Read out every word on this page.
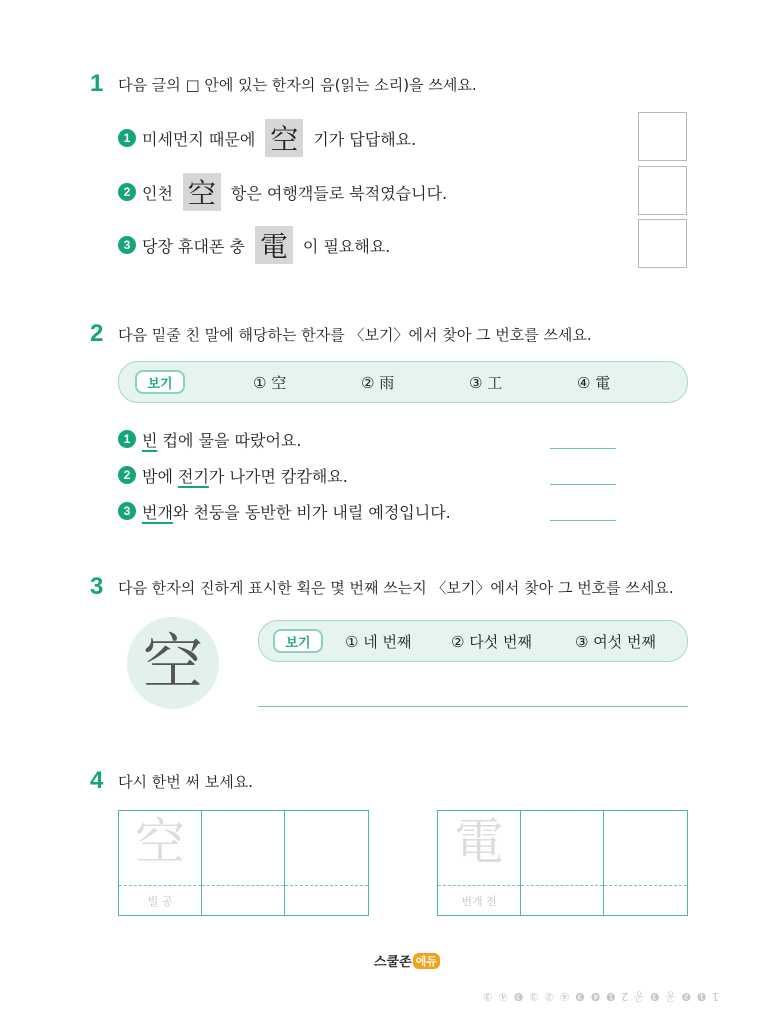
1 다음 글의 □ 안에 있는 한자의 음(읽는 소리)을 쓰세요.
1 미세먼지 때문에 空 기가 답답해요.
2 인천 空 항은 여행객들로 북적였습니다.
3 당장 휴대폰 충 電 이 필요해요.
2 다음 밑줄 친 말에 해당하는 한자를 〈보기〉에서 찾아 그 번호를 쓰세요.
보기	① 空	② 雨	③ 工	④ 電
1 빈 컵에 물을 따랐어요.
2 밤에 전기 가 나가면 캄캄해요.
3 번개 와 천둥을 동반한 비가 내릴 예정입니다.
3 다음 한자의 진하게 표시한 획은 몇 번째 쓰는지 〈보기〉에서 찾아 그 번호를 쓰세요.
空	보기	① 네 번째	② 다섯 번째	③ 여섯 번째
4 다시 한번 써 보세요.
空
빌 공
電
번개 전
스쿨존 에듀
1 ❶ ❷ 공 ❸ 공 2 ❶ ❹ ❸ ④ ② ③ ❸ ④ ③
